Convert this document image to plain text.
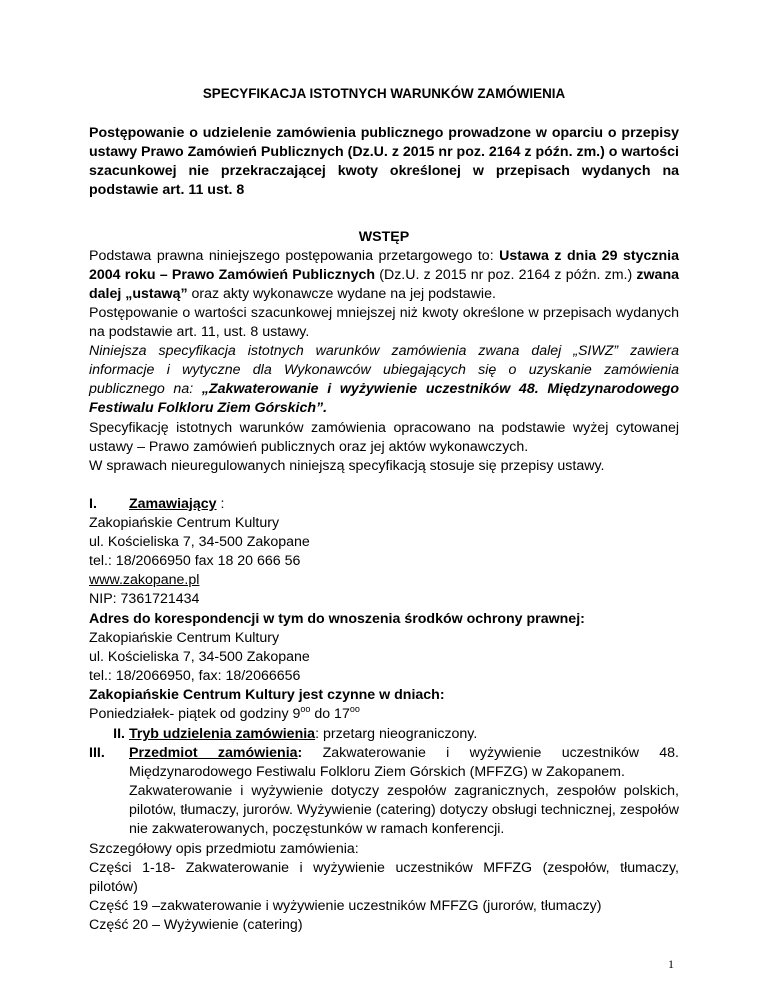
SPECYFIKACJA ISTOTNYCH WARUNKÓW ZAMÓWIENIA

Postępowanie o udzielenie zamówienia publicznego prowadzone w oparciu o przepisy ustawy Prawo Zamówień Publicznych (Dz.U. z 2015 nr poz. 2164 z późn. zm.) o wartości szacunkowej nie przekraczającej kwoty określonej w przepisach wydanych na podstawie art. 11 ust. 8

WSTĘP

Podstawa prawna niniejszego postępowania przetargowego to: Ustawa z dnia 29 stycznia 2004 roku – Prawo Zamówień Publicznych (Dz.U. z 2015 nr poz. 2164 z późn. zm.) zwana dalej „ustawą” oraz akty wykonawcze wydane na jej podstawie.

Postępowanie o wartości szacunkowej mniejszej niż kwoty określone w przepisach wydanych na podstawie art. 11, ust. 8 ustawy.

Niniejsza specyfikacja istotnych warunków zamówienia zwana dalej „SIWZ” zawiera informacje i wytyczne dla Wykonawców ubiegających się o uzyskanie zamówienia publicznego na: „Zakwaterowanie i wyżywienie uczestników 48. Międzynarodowego Festiwalu Folkloru Ziem Górskich”.

Specyfikację istotnych warunków zamówienia opracowano na podstawie wyżej cytowanej ustawy – Prawo zamówień publicznych oraz jej aktów wykonawczych.

W sprawach nieuregulowanych niniejszą specyfikacją stosuje się przepisy ustawy.

I. Zamawiający :

Zakopiańskie Centrum Kultury

ul. Kościeliska 7, 34-500 Zakopane

tel.: 18/2066950 fax 18 20 666 56

www.zakopane.pl

NIP: 7361721434

Adres do korespondencji w tym do wnoszenia środków ochrony prawnej:

Zakopiańskie Centrum Kultury

ul. Kościeliska 7, 34-500 Zakopane

tel.: 18/2066950, fax: 18/2066656

Zakopiańskie Centrum Kultury jest czynne w dniach:

Poniedziałek- piątek od godziny $9^{oo}$ do $17^{oo}$

II. Tryb udzielenia zamówienia: przetarg nieograniczony.
III.	Przedmiot zamówienia: Zakwaterowanie i wyżywienie uczestników 48. Międzynarodowego Festiwalu Folkloru Ziem Górskich (MFFZG) w Zakopanem.

Zakwaterowanie i wyżywienie dotyczy zespołów zagranicznych, zespołów polskich, pilotów, tłumaczy, jurorów. Wyżywienie (catering) dotyczy obsługi technicznej, zespołów nie zakwaterowanych, poczęstunków w ramach konferencji.

Szczegółowy opis przedmiotu zamówienia:

Części 1-18- Zakwaterowanie i wyżywienie uczestników MFFZG (zespołów, tłumaczy, pilotów)

Część 19 –zakwaterowanie i wyżywienie uczestników MFFZG (jurorów, tłumaczy)

Część 20 – Wyżywienie (catering)

1
